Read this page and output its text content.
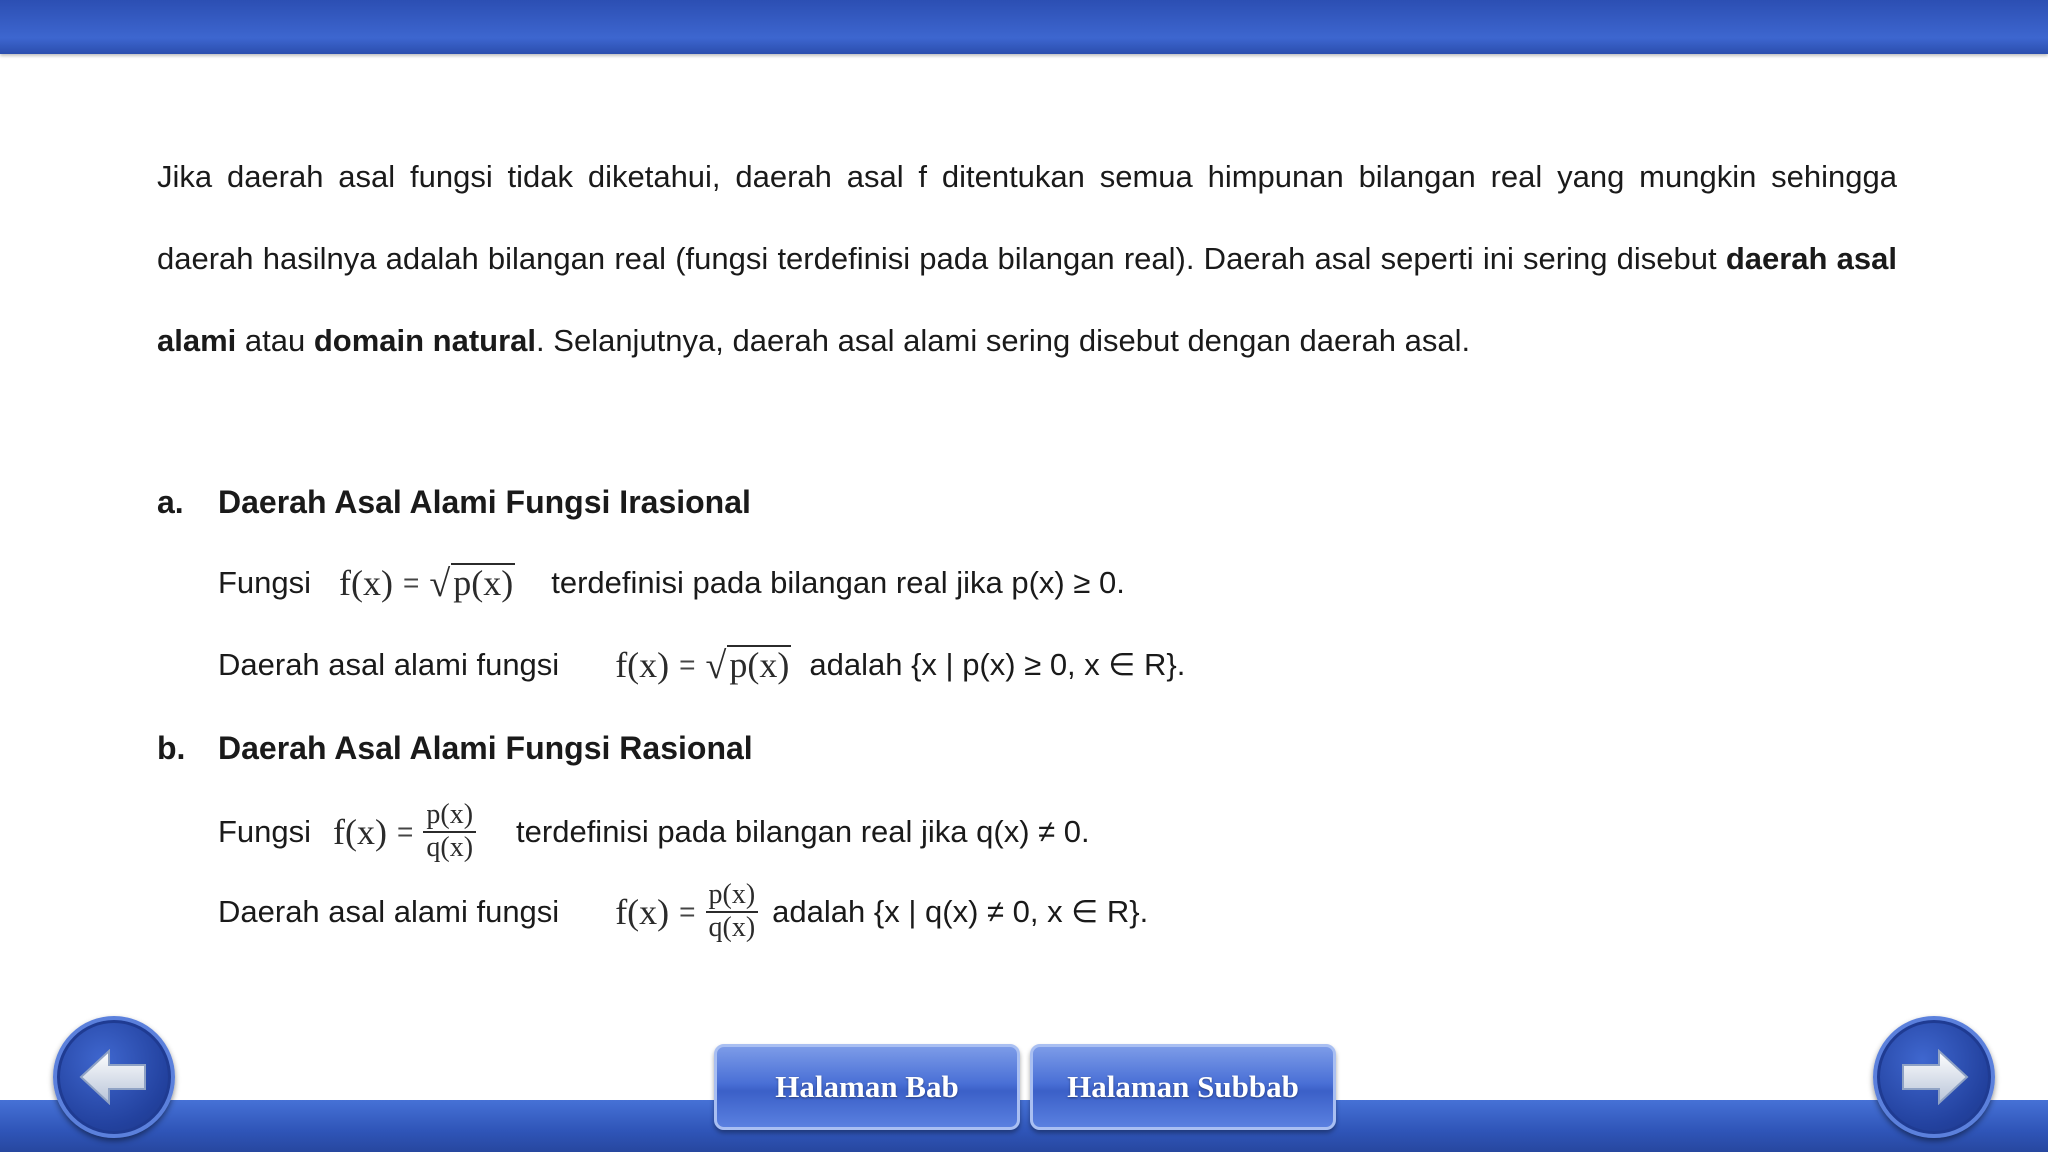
Jika daerah asal fungsi tidak diketahui, daerah asal f ditentukan semua himpunan bilangan real yang mungkin sehingga daerah hasilnya adalah bilangan real (fungsi terdefinisi pada bilangan real). Daerah asal seperti ini sering disebut daerah asal alami atau domain natural. Selanjutnya, daerah asal alami sering disebut dengan daerah asal.

a. Daerah Asal Alami Fungsi Irasional
Fungsi f(x) = √ p(x) terdefinisi pada bilangan real jika p(x) ≥ 0.
Daerah asal alami fungsi f(x) = √ p(x) adalah {x | p(x) ≥ 0, x ∈ R}.
b. Daerah Asal Alami Fungsi Rasional
Fungsi $f(x) = \frac{p(x)}{q(x)}$ terdefinisi pada bilangan real jika q(x) ≠ 0.
Daerah asal alami fungsi $f(x) = \frac{p(x)}{q(x)}$ adalah {x | q(x) ≠ 0, x ∈ R}.
Halaman Bab	Halaman Subbab
